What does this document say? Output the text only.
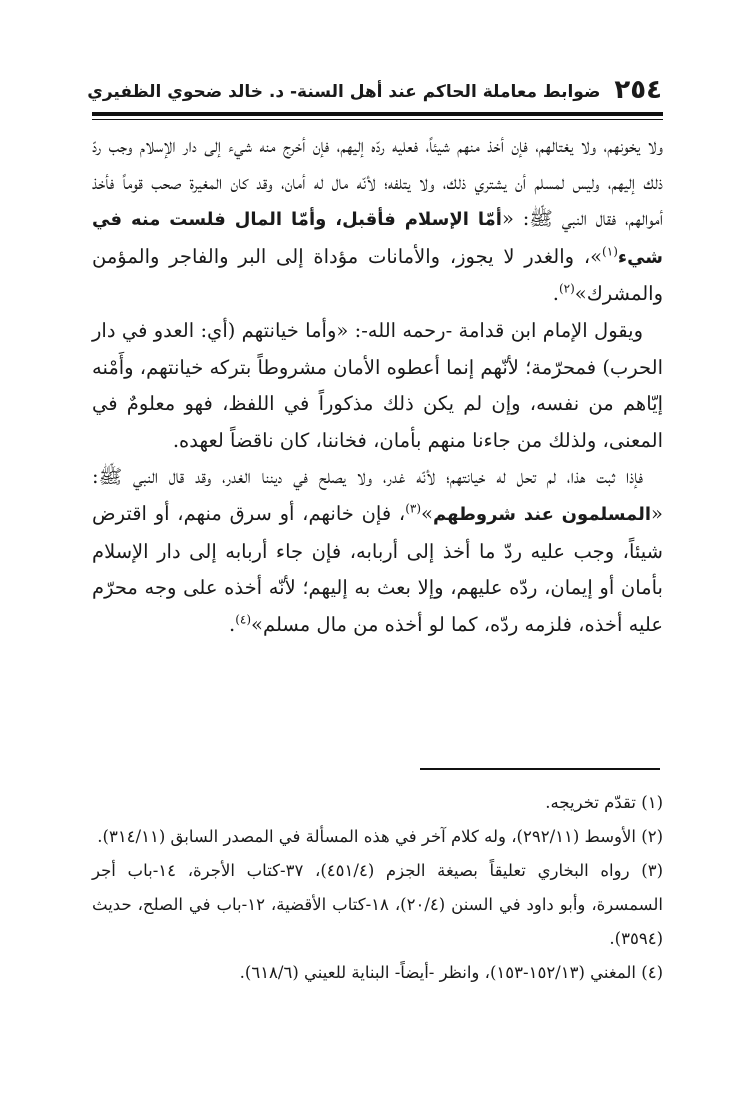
٢٥٤
ضوابط معاملة الحاكم عند أهل السنة- د. خالد ضحوي الظفيري

ولا يخونهم، ولا يغتالهم، فإن أخذ منهم شيئاً، فعليه ردّه إليهم، فإن أخرج منه شيء إلى دار الإسلام وجب ردّ ذلك إليهم، وليس لمسلم أن يشتري ذلك، ولا يتلفه؛ لأنّه مال له أمان، وقد كان المغيرة صحب قوماً فأخذ أموالهم، فقال النبي ﷺ: «أمّا الإسلام فأقبل، وأمّا المال فلست منه في شيء$^{(١)}$»، والغدر لا يجوز، والأمانات مؤداة إلى البر والفاجر والمؤمن والمشرك»$^{(٢)}$.

ويقول الإمام ابن قدامة -رحمه الله-: «وأما خيانتهم (أي: العدو في دار الحرب) فمحرّمة؛ لأنّهم إنما أعطوه الأمان مشروطاً بتركه خيانتهم، وأَمْنه إيّاهم من نفسه، وإن لم يكن ذلك مذكوراً في اللفظ، فهو معلومٌ في المعنى، ولذلك من جاءنا منهم بأمان، فخاننا، كان ناقضاً لعهده.

فإذا ثبت هذا، لم تحل له خيانتهم؛ لأنّه غدر، ولا يصلح في ديننا الغدر، وقد قال النبي ﷺ: «المسلمون عند شروطهم»$^{(٣)}$، فإن خانهم، أو سرق منهم، أو اقترض شيئاً، وجب عليه ردّ ما أخذ إلى أربابه، فإن جاء أربابه إلى دار الإسلام بأمان أو إيمان، ردّه عليهم، وإلا بعث به إليهم؛ لأنّه أخذه على وجه محرّم عليه أخذه، فلزمه ردّه، كما لو أخذه من مال مسلم»$^{(٤)}$.

(١) تقدّم تخريجه.

(٢) الأوسط (٢٩٢/١١)، وله كلام آخر في هذه المسألة في المصدر السابق (٣١٤/١١).

(٣) رواه البخاري تعليقاً بصيغة الجزم (٤٥١/٤)، ٣٧-كتاب الأجرة، ١٤-باب أجر السمسرة، وأبو داود في السنن (٢٠/٤)، ١٨-كتاب الأقضية، ١٢-باب في الصلح، حديث (٣٥٩٤).

(٤) المغني (١٥٢/١٣-١٥٣)، وانظر -أيضاً- البناية للعيني (٦١٨/٦).
